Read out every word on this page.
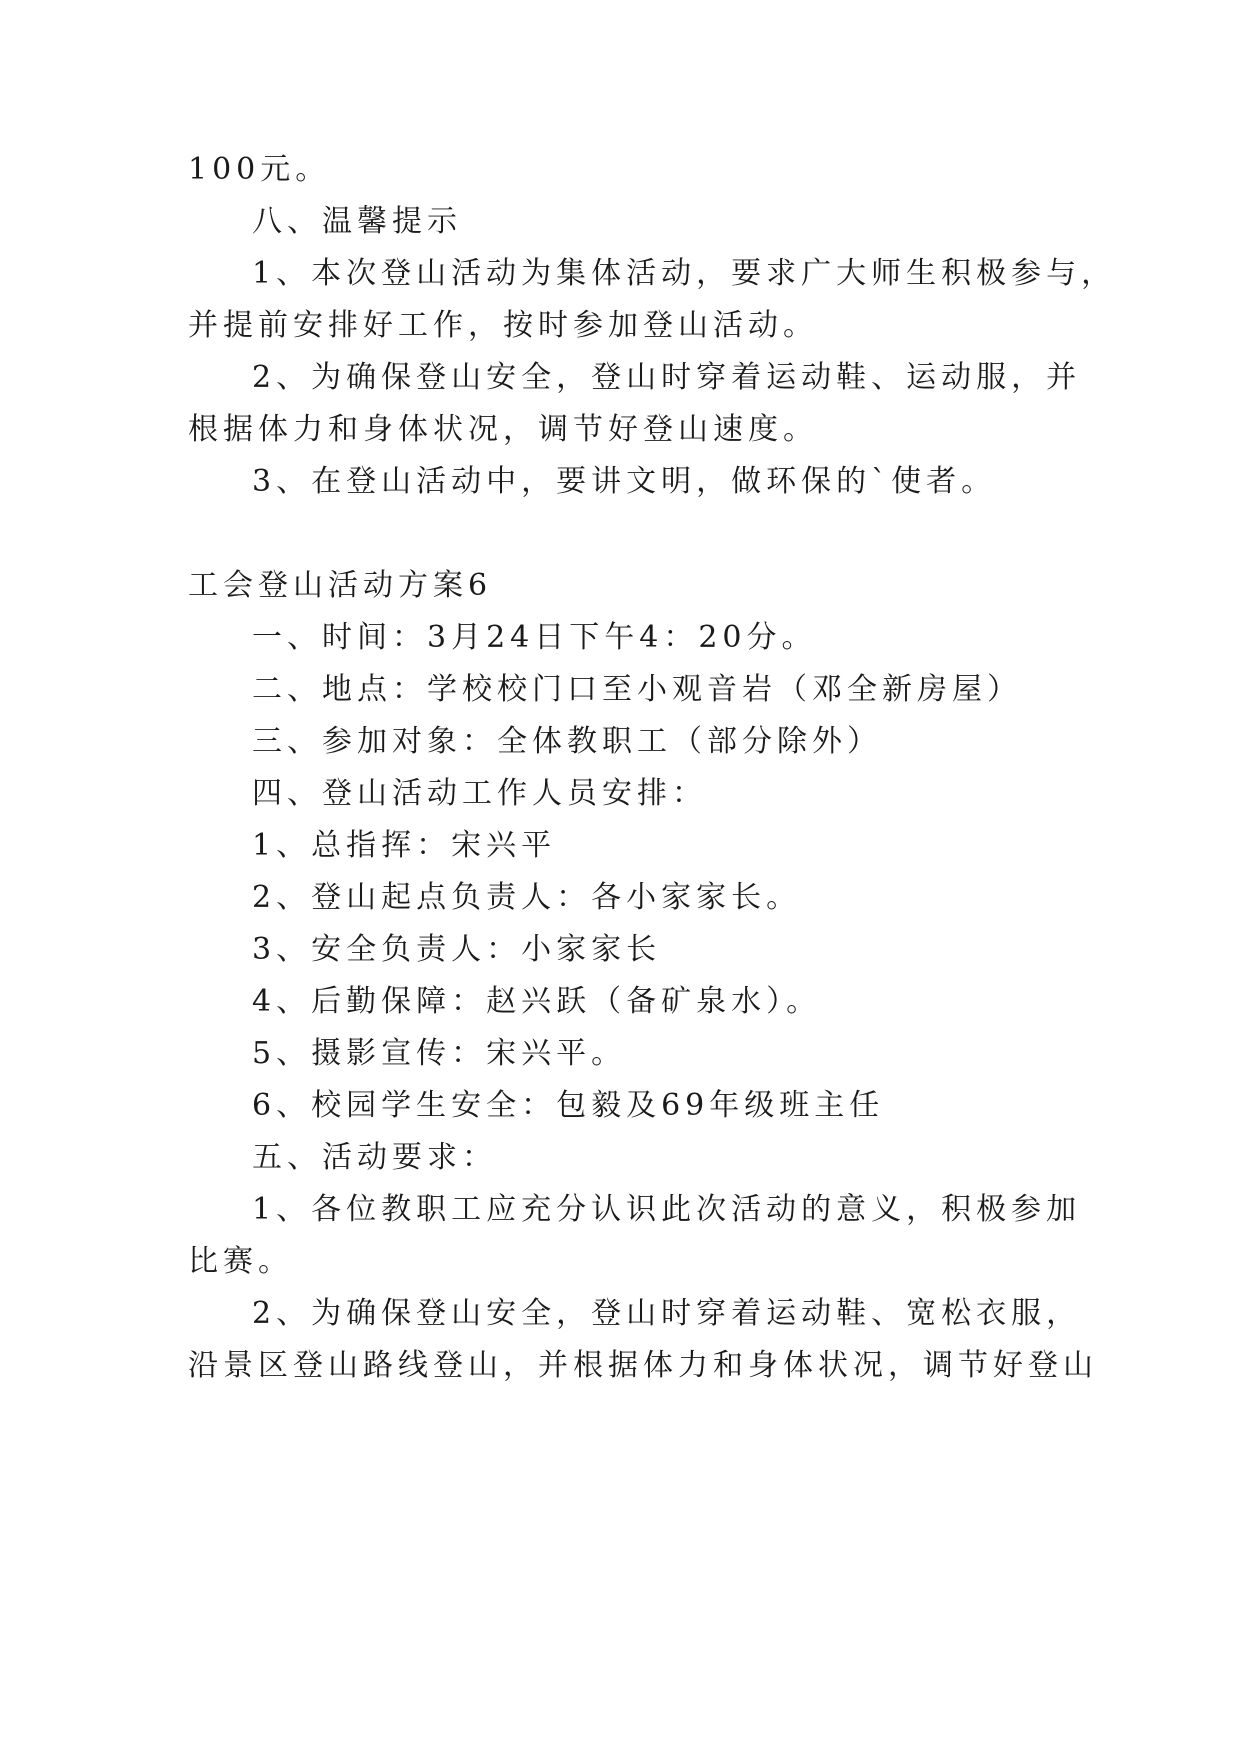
100元。
八、温馨提示
1、本次登山活动为集体活动，要求广大师生积极参与，
并提前安排好工作，按时参加登山活动。
2、为确保登山安全，登山时穿着运动鞋、运动服，并
根据体力和身体状况，调节好登山速度。
3、在登山活动中，要讲文明，做环保的`使者。
工会登山活动方案6
一、时间：3月24日下午4：20分。
二、地点：学校校门口至小观音岩（邓全新房屋）
三、参加对象：全体教职工（部分除外）
四、登山活动工作人员安排：
1、总指挥：宋兴平
2、登山起点负责人：各小家家长。
3、安全负责人：小家家长
4、后勤保障：赵兴跃（备矿泉水）。
5、摄影宣传：宋兴平。
6、校园学生安全：包毅及69年级班主任
五、活动要求：
1、各位教职工应充分认识此次活动的意义，积极参加
比赛。
2、为确保登山安全，登山时穿着运动鞋、宽松衣服，
沿景区登山路线登山，并根据体力和身体状况，调节好登山
